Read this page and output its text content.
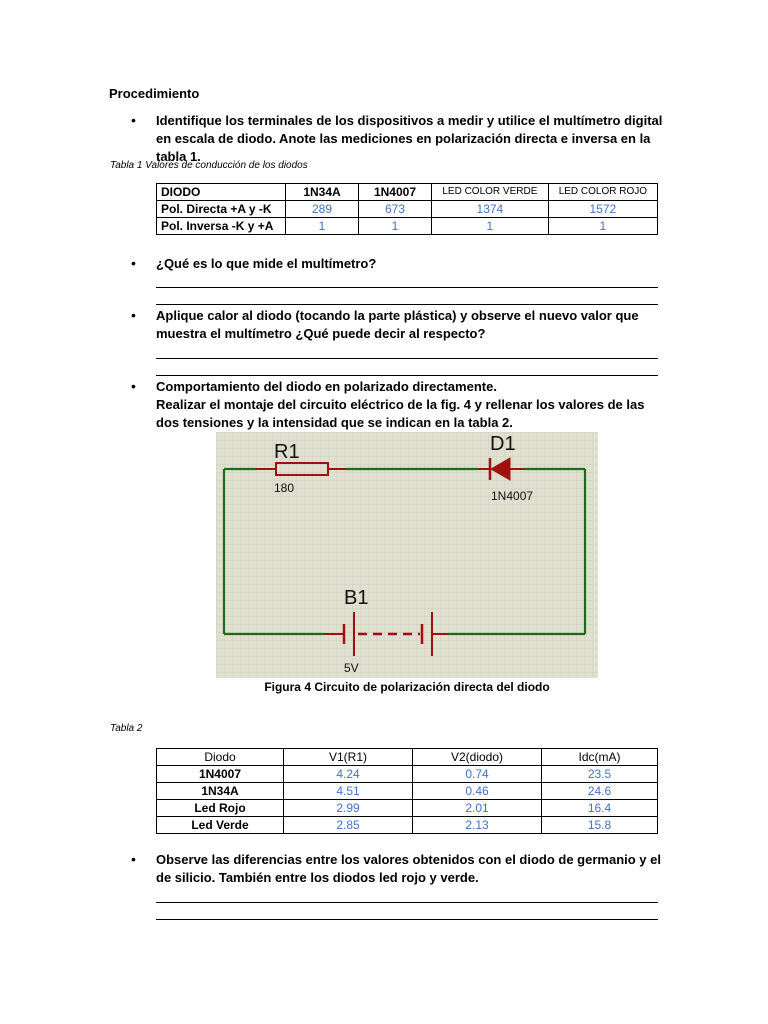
Procedimiento
• Identifique los terminales de los dispositivos a medir y utilice el multímetro digital en escala de diodo. Anote las mediciones en polarización directa e inversa en la tabla 1.
Tabla 1 Valores de conducción de los diodos
DIODO	1N34A	1N4007	LED COLOR VERDE	LED COLOR ROJO
Pol. Directa +A y -K	289	673	1374	1572
Pol. Inversa -K y +A	1	1	1	1
• ¿Qué es lo que mide el multímetro?
• Aplique calor al diodo (tocando la parte plástica) y observe el nuevo valor que muestra el multímetro ¿Qué puede decir al respecto?
• Comportamiento del diodo en polarizado directamente.
Realizar el montaje del circuito eléctrico de la fig. 4 y rellenar los valores de las dos tensiones y la intensidad que se indican en la tabla 2.
R1
180
D1
1N4007
B1
5V
Figura 4 Circuito de polarización directa del diodo
Tabla 2
Diodo	V1(R1)	V2(diodo)	Idc(mA)
1N4007	4.24	0.74	23.5
1N34A	4.51	0.46	24.6
Led Rojo	2.99	2.01	16.4
Led Verde	2.85	2.13	15.8
• Observe las diferencias entre los valores obtenidos con el diodo de germanio y el de silicio. También entre los diodos led rojo y verde.
